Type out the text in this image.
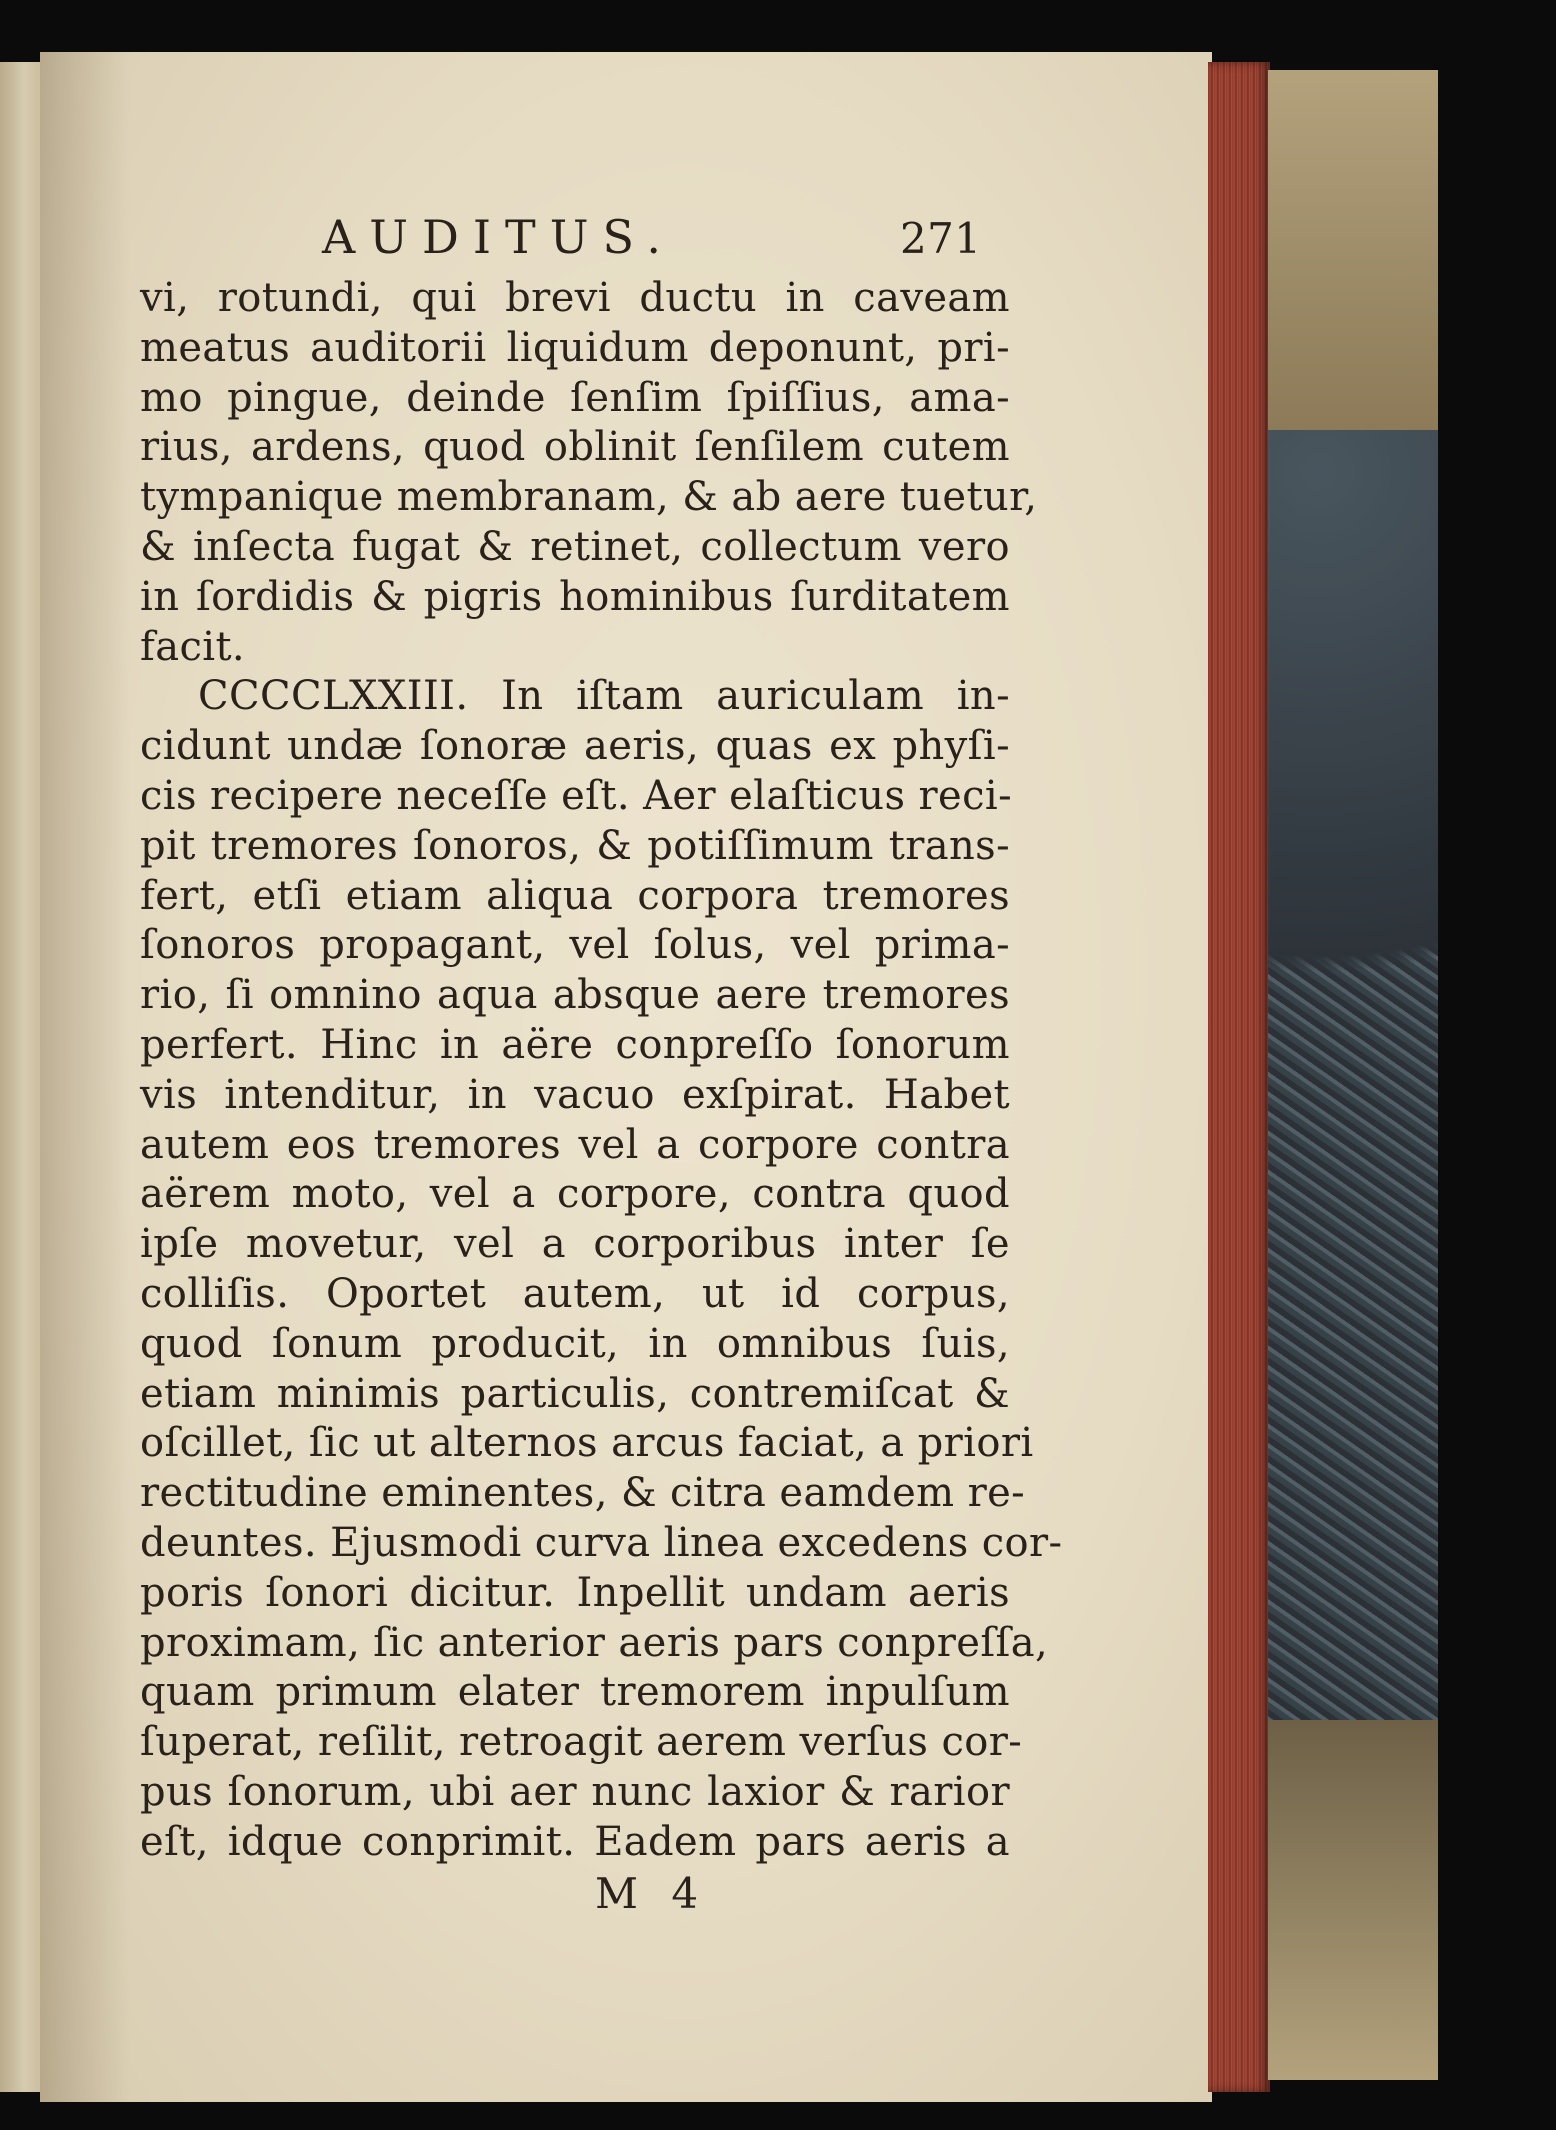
AUDITUS.	271
vi, rotundi, qui brevi ductu in caveam
meatus auditorii liquidum deponunt, pri-
mo pingue, deinde ſenſim ſpiſſius, ama-
rius, ardens, quod oblinit ſenſilem cutem
tympanique membranam, & ab aere tuetur,
& inſecta fugat & retinet, collectum vero
in ſordidis & pigris hominibus ſurditatem
facit.
CCCCLXXIII. In iſtam auriculam in-
cidunt undæ ſonoræ aeris, quas ex phyſi-
cis recipere neceſſe eſt. Aer elaſticus reci-
pit tremores ſonoros, & potiſſimum trans-
fert, etſi etiam aliqua corpora tremores
ſonoros propagant, vel ſolus, vel prima-
rio, ſi omnino aqua absque aere tremores
perfert. Hinc in aëre conpreſſo ſonorum
vis intenditur, in vacuo exſpirat. Habet
autem eos tremores vel a corpore contra
aërem moto, vel a corpore, contra quod
ipſe movetur, vel a corporibus inter ſe
colliſis. Oportet autem, ut id corpus,
quod ſonum producit, in omnibus ſuis,
etiam minimis particulis, contremiſcat &
oſcillet, ſic ut alternos arcus faciat, a priori
rectitudine eminentes, & citra eamdem re-
deuntes. Ejusmodi curva linea excedens cor-
poris ſonori dicitur. Inpellit undam aeris
proximam, ſic anterior aeris pars conpreſſa,
quam primum elater tremorem inpulſum
ſuperat, reſilit, retroagit aerem verſus cor-
pus ſonorum, ubi aer nunc laxior & rarior
eſt, idque conprimit. Eadem pars aeris a
M 4
